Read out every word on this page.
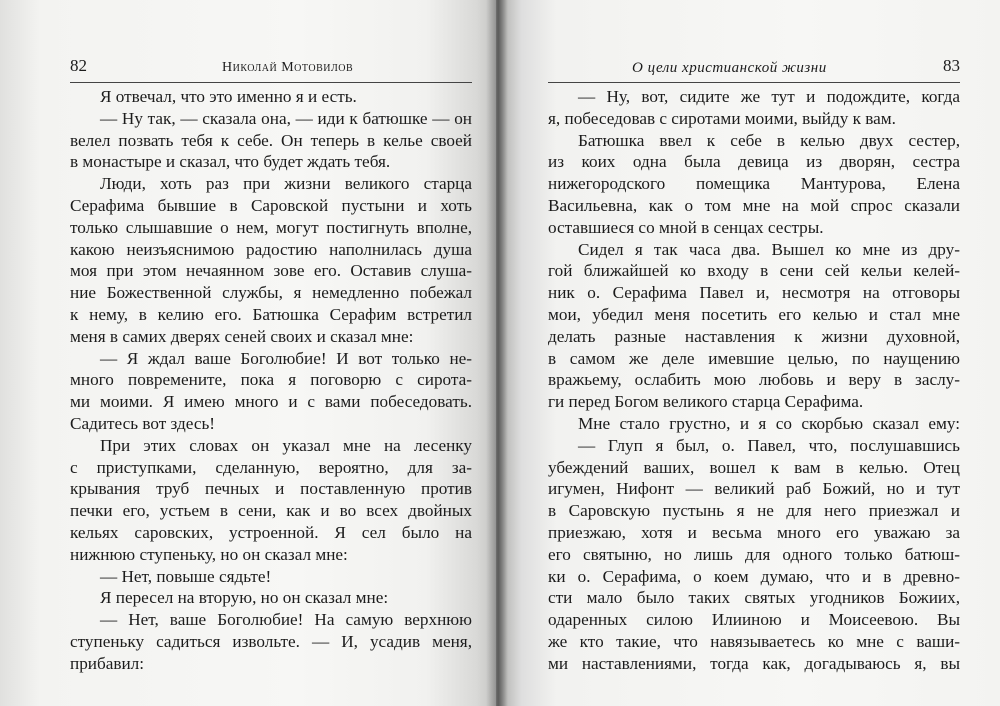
82	Николай Мотовилов
Я отвечал, что это именно я и есть.
— Ну так, — сказала она, — иди к батюшке — он
велел позвать тебя к себе. Он теперь в келье своей
в монастыре и сказал, что будет ждать тебя.
Люди, хоть раз при жизни великого старца
Серафима бывшие в Саровской пустыни и хоть
только слышавшие о нем, могут постигнуть вполне,
какою неизъяснимою радостию наполнилась душа
моя при этом нечаянном зове его. Оставив слуша-
ние Божественной службы, я немедленно побежал
к нему, в келию его. Батюшка Серафим встретил
меня в самих дверях сеней своих и сказал мне:
— Я ждал ваше Боголюбие! И вот только не-
много повремените, пока я поговорю с сирота-
ми моими. Я имею много и с вами побеседовать.
Садитесь вот здесь!
При этих словах он указал мне на лесенку
с приступками, сделанную, вероятно, для за-
крывания труб печных и поставленную против
печки его, устьем в сени, как и во всех двойных
кельях саровских, устроенной. Я сел было на
нижнюю ступеньку, но он сказал мне:
— Нет, повыше сядьте!
Я пересел на вторую, но он сказал мне:
— Нет, ваше Боголюбие! На самую верхнюю
ступеньку садиться извольте. — И, усадив меня,
прибавил:
О цели христианской жизни	83
— Ну, вот, сидите же тут и подождите, когда
я, побеседовав с сиротами моими, выйду к вам.
Батюшка ввел к себе в келью двух сестер,
из коих одна была девица из дворян, сестра
нижегородского помещика Мантурова, Елена
Васильевна, как о том мне на мой спрос сказали
оставшиеся со мной в сенцах сестры.
Сидел я так часа два. Вышел ко мне из дру-
гой ближайшей ко входу в сени сей кельи келей-
ник о. Серафима Павел и, несмотря на отговоры
мои, убедил меня посетить его келью и стал мне
делать разные наставления к жизни духовной,
в самом же деле имевшие целью, по наущению
вражьему, ослабить мою любовь и веру в заслу-
ги перед Богом великого старца Серафима.
Мне стало грустно, и я со скорбью сказал ему:
— Глуп я был, о. Павел, что, послушавшись
убеждений ваших, вошел к вам в келью. Отец
игумен, Нифонт — великий раб Божий, но и тут
в Саровскую пустынь я не для него приезжал и
приезжаю, хотя и весьма много его уважаю за
его святыню, но лишь для одного только батюш-
ки о. Серафима, о коем думаю, что и в древно-
сти мало было таких святых угодников Божиих,
одаренных силою Илииною и Моисеевою. Вы
же кто такие, что навязываетесь ко мне с ваши-
ми наставлениями, тогда как, догадываюсь я, вы
